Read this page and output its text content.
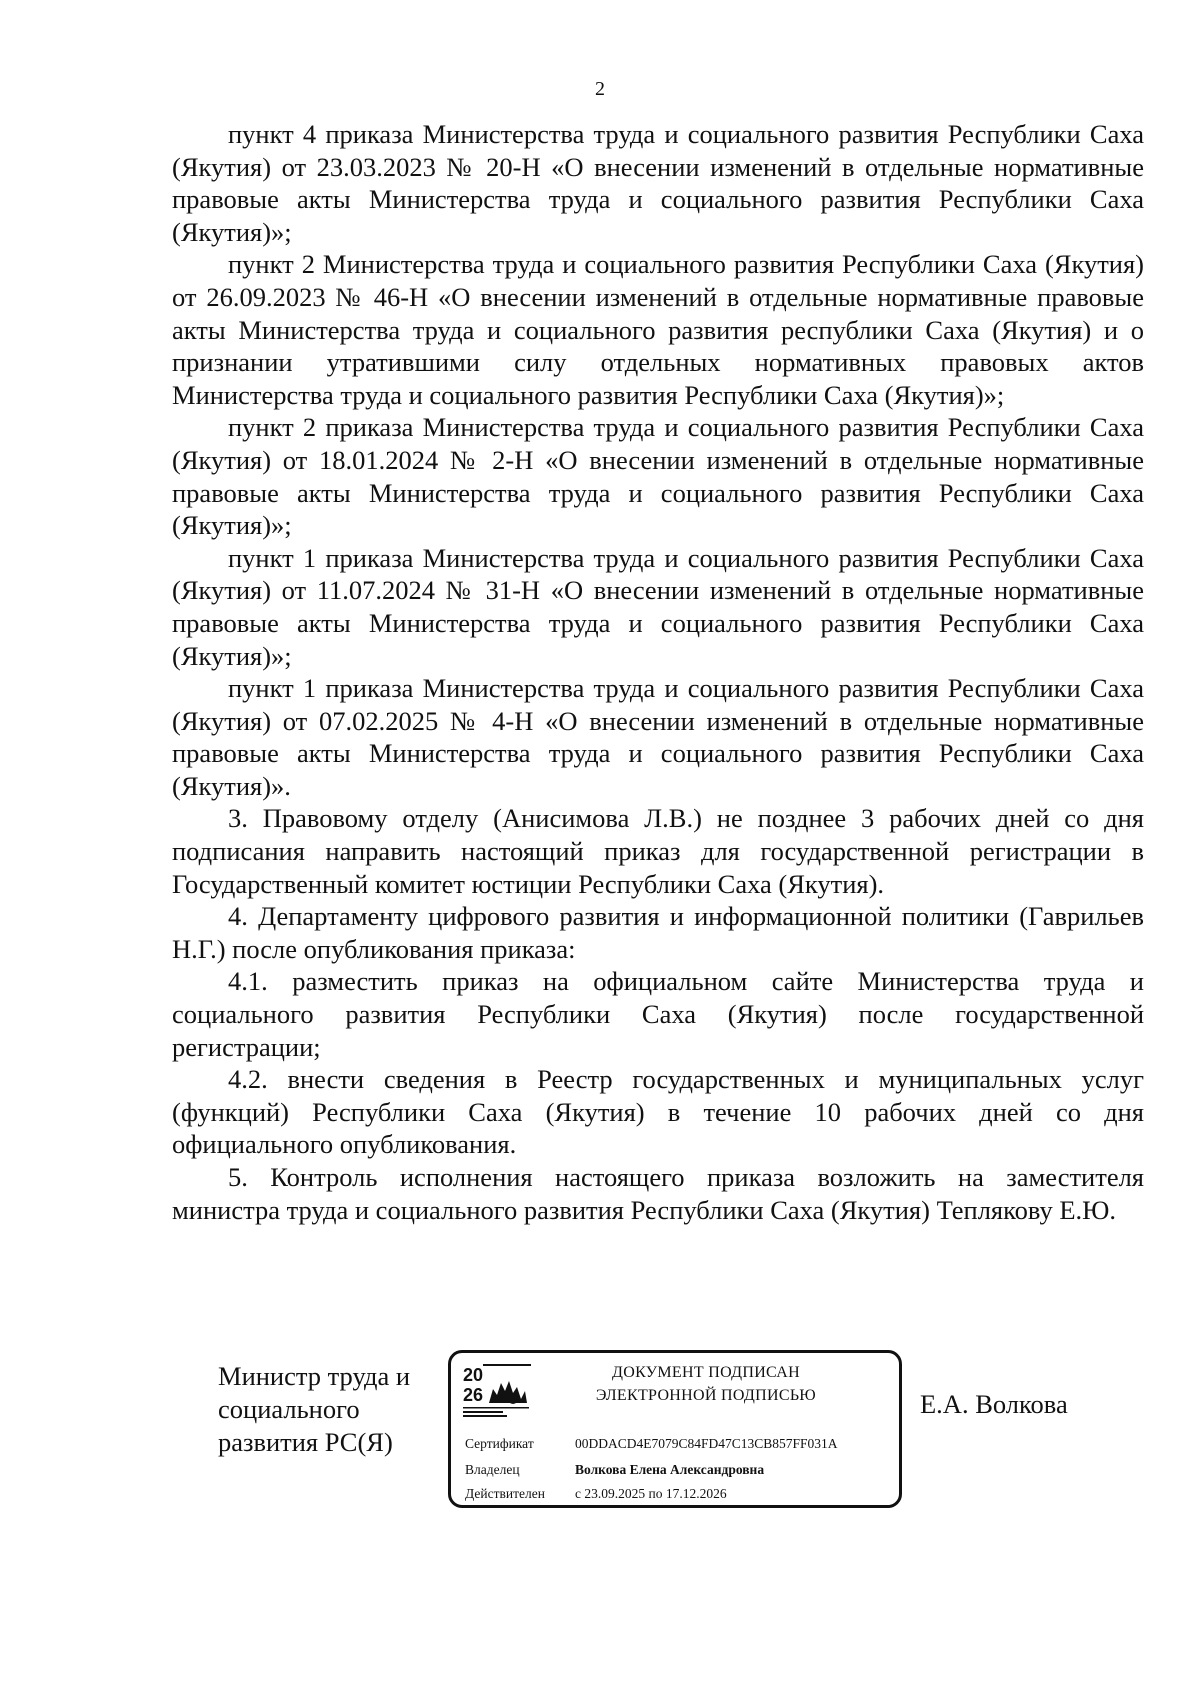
2

пункт 4 приказа Министерства труда и социального развития Республики Саха (Якутия) от 23.03.2023 № 20-Н «О внесении изменений в отдельные нормативные правовые акты Министерства труда и социального развития Республики Саха (Якутия)»;

пункт 2 Министерства труда и социального развития Республики Саха (Якутия) от 26.09.2023 № 46-Н «О внесении изменений в отдельные нормативные правовые акты Министерства труда и социального развития республики Саха (Якутия) и о признании утратившими силу отдельных нормативных правовых актов Министерства труда и социального развития Республики Саха (Якутия)»;

пункт 2 приказа Министерства труда и социального развития Республики Саха (Якутия) от 18.01.2024 № 2-Н «О внесении изменений в отдельные нормативные правовые акты Министерства труда и социального развития Республики Саха (Якутия)»;

пункт 1 приказа Министерства труда и социального развития Республики Саха (Якутия) от 11.07.2024 № 31-Н «О внесении изменений в отдельные нормативные правовые акты Министерства труда и социального развития Республики Саха (Якутия)»;

пункт 1 приказа Министерства труда и социального развития Республики Саха (Якутия) от 07.02.2025 № 4-Н «О внесении изменений в отдельные нормативные правовые акты Министерства труда и социального развития Республики Саха (Якутия)».

3. Правовому отделу (Анисимова Л.В.) не позднее 3 рабочих дней со дня подписания направить настоящий приказ для государственной регистрации в Государственный комитет юстиции Республики Саха (Якутия).

4. Департаменту цифрового развития и информационной политики (Гаврильев Н.Г.) после опубликования приказа:

4.1. разместить приказ на официальном сайте Министерства труда и социального развития Республики Саха (Якутия) после государственной регистрации;

4.2. внести сведения в Реестр государственных и муниципальных услуг (функций) Республики Саха (Якутия) в течение 10 рабочих дней со дня официального опубликования.

5. Контроль исполнения настоящего приказа возложить на заместителя министра труда и социального развития Республики Саха (Якутия) Теплякову Е.Ю.

Министр труда и
социального
развития РС(Я)
20
26
ДОКУМЕНТ ПОДПИСАН
ЭЛЕКТРОННОЙ ПОДПИСЬЮ
Сертификат	00DDACD4E7079C84FD47C13CB857FF031A
Владелец	Волкова Елена Александровна
Действителен с 23.09.2025 по 17.12.2026
Е.А. Волкова
